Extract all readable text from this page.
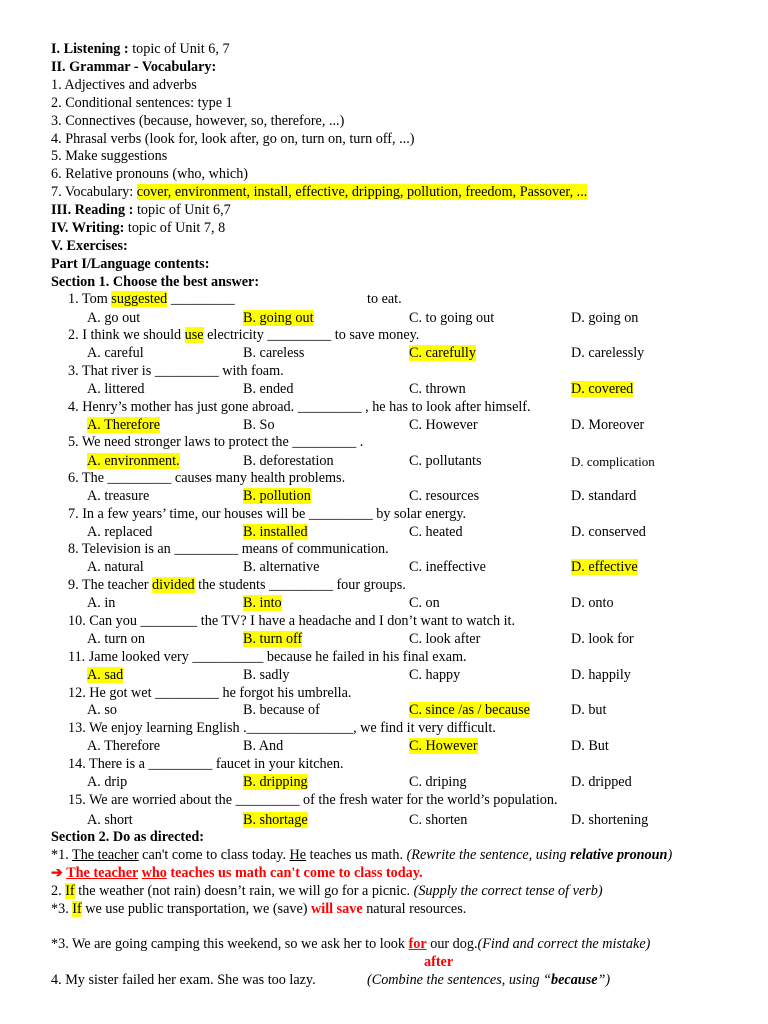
I. Listening : topic of Unit 6, 7
II. Grammar - Vocabulary:
1. Adjectives and adverbs
2. Conditional sentences: type 1
3. Connectives (because, however, so, therefore, ...)
4. Phrasal verbs (look for, look after, go on, turn on, turn off, ...)
5. Make suggestions
6. Relative pronouns (who, which)
7. Vocabulary: cover, environment, install, effective, dripping, pollution, freedom, Passover, ...
III. Reading : topic of Unit 6,7
IV. Writing: topic of Unit 7, 8
V. Exercises:
Part I/Language contents:
Section 1. Choose the best answer:
1. Tom suggested _________	to eat.
A. go out	B. going out	C. to going out	D. going on
2. I think we should use electricity _________ to save money.
A. careful	B. careless	C. carefully	D. carelessly
3. That river is _________ with foam.
A. littered	B. ended	C. thrown	D. covered
4. Henry’s mother has just gone abroad. _________ , he has to look after himself.
A. Therefore	B. So	C. However	D. Moreover
5. We need stronger laws to protect the _________ .
A. environment.	B. deforestation	C. pollutants	D. complication
6. The _________ causes many health problems.
A. treasure	B. pollution	C. resources	D. standard
7. In a few years’ time, our houses will be _________ by solar energy.
A. replaced	B. installed	C. heated	D. conserved
8. Television is an _________ means of communication.
A. natural	B. alternative	C. ineffective	D. effective
9. The teacher divided the students _________ four groups.
A. in	B. into	C. on	D. onto
10. Can you ________ the TV? I have a headache and I don’t want to watch it.
A. turn on	B. turn off	C. look after	D. look for
11. Jame looked very __________ because he failed in his final exam.
A. sad	B. sadly	C. happy	D. happily
12. He got wet _________ he forgot his umbrella.
A. so	B. because of	C. since /as / because	D. but
13. We enjoy learning English ._______________, we find it very difficult.
A. Therefore	B. And	C. However	D. But
14. There is a _________ faucet in your kitchen.
A. drip	B. dripping	C. driping	D. dripped
15. We are worried about the _________ of the fresh water for the world’s population.
A. short	B. shortage	C. shorten	D. shortening
Section 2. Do as directed:
*1. The teacher can't come to class today. He teaches us math. (Rewrite the sentence, using relative pronoun)
➔ The teacher who teaches us math can't come to class today.
2. If the weather (not rain) doesn’t rain, we will go for a picnic. (Supply the correct tense of verb)
*3. If we use public transportation, we (save) will save natural resources.
*3. We are going camping this weekend, so we ask her to look for our dog.(Find and correct the mistake)
after
4. My sister failed her exam. She was too lazy.	(Combine the sentences, using “because”)
